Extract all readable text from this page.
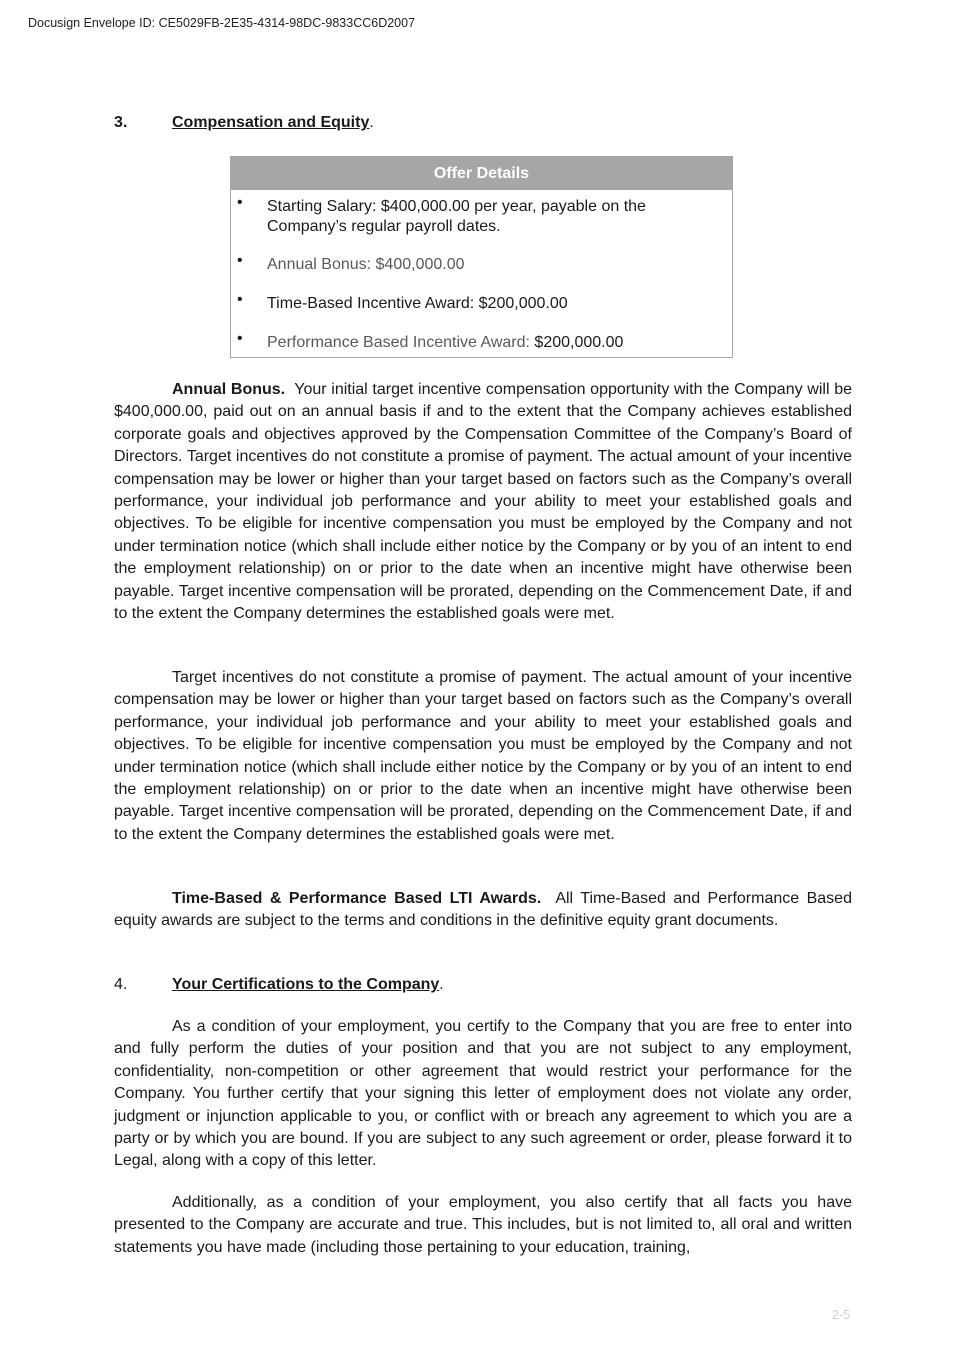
Docusign Envelope ID: CE5029FB-2E35-4314-98DC-9833CC6D2007
3.	Compensation and Equity.
Offer Details
• Starting Salary: $400,000.00 per year, payable on the Company’s regular payroll dates.
• Annual Bonus: $400,000.00
• Time-Based Incentive Award: $200,000.00
• Performance Based Incentive Award: $200,000.00
Annual Bonus. Your initial target incentive compensation opportunity with the Company will be $400,000.00, paid out on an annual basis if and to the extent that the Company achieves established corporate goals and objectives approved by the Compensation Committee of the Company’s Board of Directors. Target incentives do not constitute a promise of payment. The actual amount of your incentive compensation may be lower or higher than your target based on factors such as the Company’s overall performance, your individual job performance and your ability to meet your established goals and objectives. To be eligible for incentive compensation you must be employed by the Company and not under termination notice (which shall include either notice by the Company or by you of an intent to end the employment relationship) on or prior to the date when an incentive might have otherwise been payable. Target incentive compensation will be prorated, depending on the Commencement Date, if and to the extent the Company determines the established goals were met.
Target incentives do not constitute a promise of payment. The actual amount of your incentive compensation may be lower or higher than your target based on factors such as the Company’s overall performance, your individual job performance and your ability to meet your established goals and objectives. To be eligible for incentive compensation you must be employed by the Company and not under termination notice (which shall include either notice by the Company or by you of an intent to end the employment relationship) on or prior to the date when an incentive might have otherwise been payable. Target incentive compensation will be prorated, depending on the Commencement Date, if and to the extent the Company determines the established goals were met.
Time-Based & Performance Based LTI Awards. All Time-Based and Performance Based equity awards are subject to the terms and conditions in the definitive equity grant documents.
4.	Your Certifications to the Company.
As a condition of your employment, you certify to the Company that you are free to enter into and fully perform the duties of your position and that you are not subject to any employment, confidentiality, non-competition or other agreement that would restrict your performance for the Company. You further certify that your signing this letter of employment does not violate any order, judgment or injunction applicable to you, or conflict with or breach any agreement to which you are a party or by which you are bound. If you are subject to any such agreement or order, please forward it to Legal, along with a copy of this letter.
Additionally, as a condition of your employment, you also certify that all facts you have presented to the Company are accurate and true. This includes, but is not limited to, all oral and written statements you have made (including those pertaining to your education, training,
2-5
